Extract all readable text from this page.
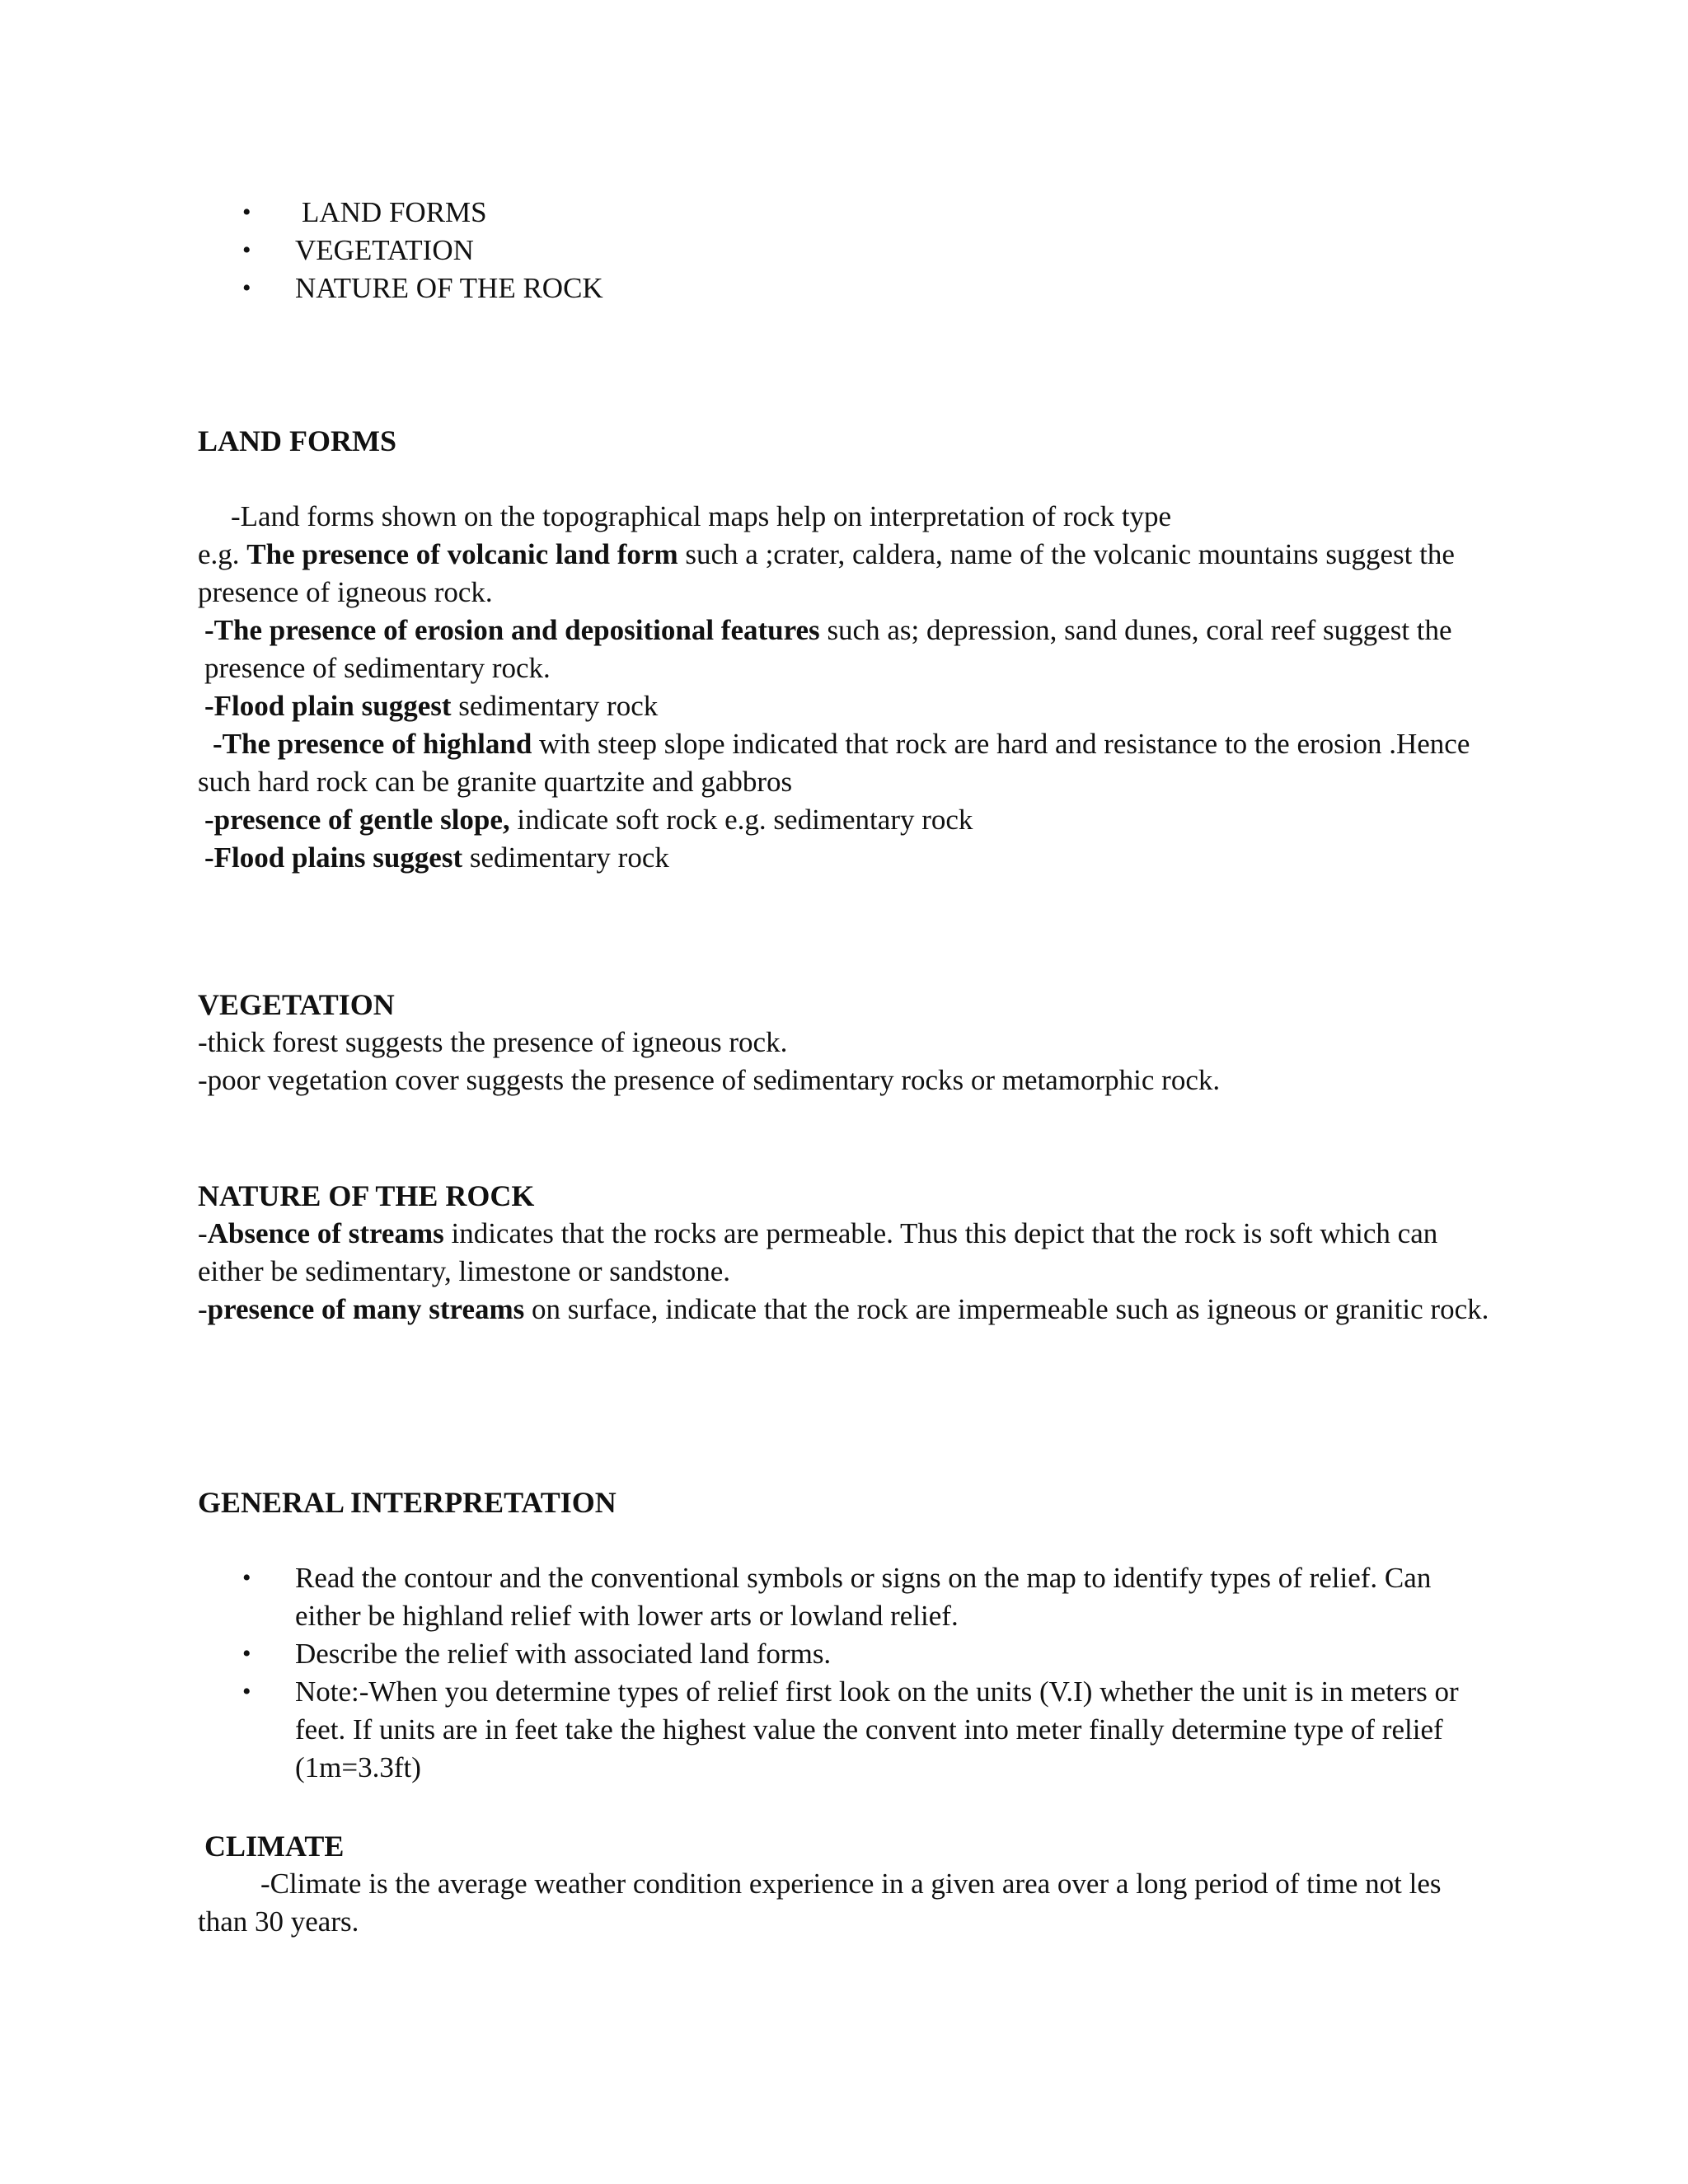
• LAND FORMS
• VEGETATION
• NATURE OF THE ROCK
LAND FORMS

-Land forms shown on the topographical maps help on interpretation of rock type

e.g. The presence of volcanic land form such a ;crater, caldera, name of the volcanic mountains suggest the presence of igneous rock.

-The presence of erosion and depositional features such as; depression, sand dunes, coral reef suggest the presence of sedimentary rock.

-Flood plain suggest sedimentary rock

-The presence of highland with steep slope indicated that rock are hard and resistance to the erosion .Hence such hard rock can be granite quartzite and gabbros

-presence of gentle slope, indicate soft rock e.g. sedimentary rock

-Flood plains suggest sedimentary rock

VEGETATION

-thick forest suggests the presence of igneous rock.

-poor vegetation cover suggests the presence of sedimentary rocks or metamorphic rock.

NATURE OF THE ROCK

-Absence of streams indicates that the rocks are permeable. Thus this depict that the rock is soft which can either be sedimentary, limestone or sandstone.

-presence of many streams on surface, indicate that the rock are impermeable such as igneous or granitic rock.

GENERAL INTERPRETATION
• Read the contour and the conventional symbols or signs on the map to identify types of relief. Can either be highland relief with lower arts or lowland relief.
• Describe the relief with associated land forms.
• Note:-When you determine types of relief first look on the units (V.I) whether the unit is in meters or feet. If units are in feet take the highest value the convent into meter finally determine type of relief (1m=3.3ft)
CLIMATE

-Climate is the average weather condition experience in a given area over a long period of time not les than 30 years.
